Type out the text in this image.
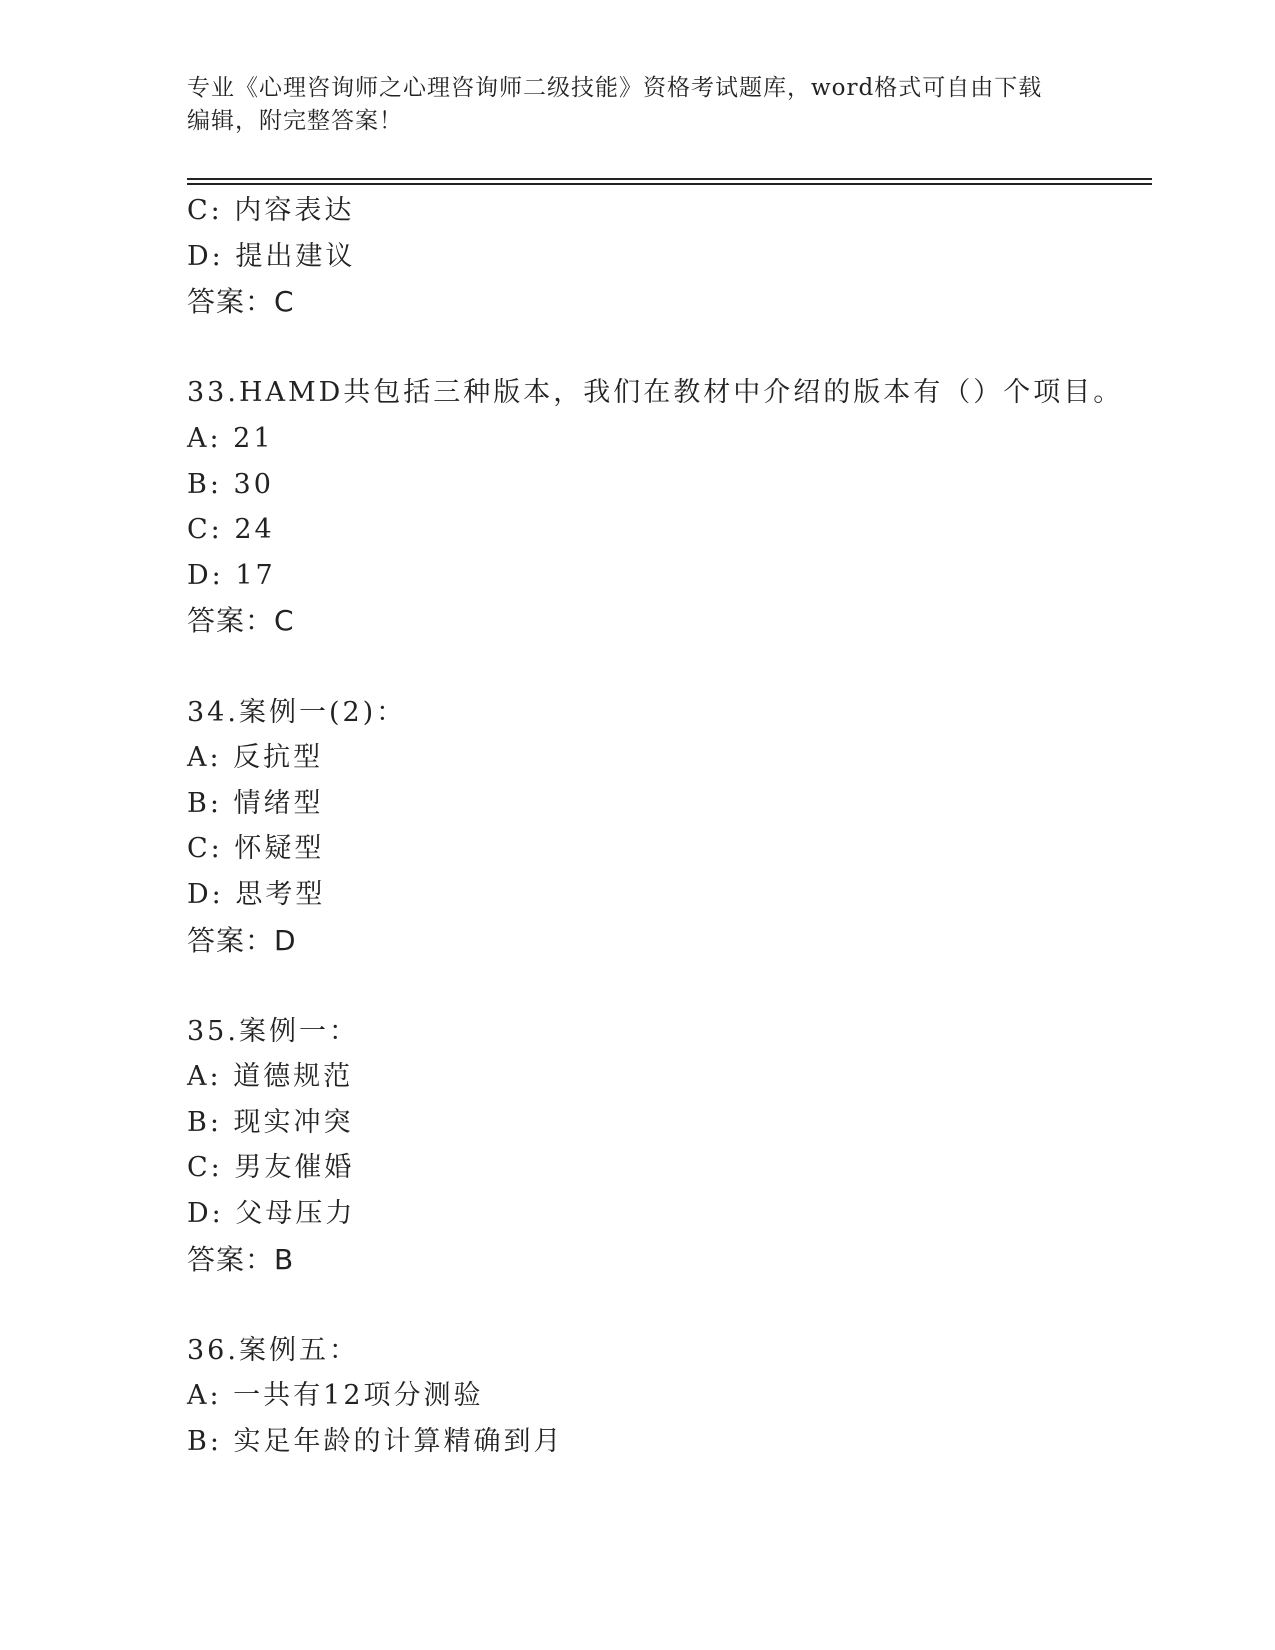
专业《心理咨询师之心理咨询师二级技能》资格考试题库，word格式可自由下载
编辑，附完整答案！
C: 内容表达
D: 提出建议
答案：C
33.HAMD共包括三种版本，我们在教材中介绍的版本有（）个项目。
A: 21
B: 30
C: 24
D: 17
答案：C
34.案例一(2)：
A: 反抗型
B: 情绪型
C: 怀疑型
D: 思考型
答案：D
35.案例一：
A: 道德规范
B: 现实冲突
C: 男友催婚
D: 父母压力
答案：B
36.案例五：
A: 一共有12项分测验
B: 实足年龄的计算精确到月
